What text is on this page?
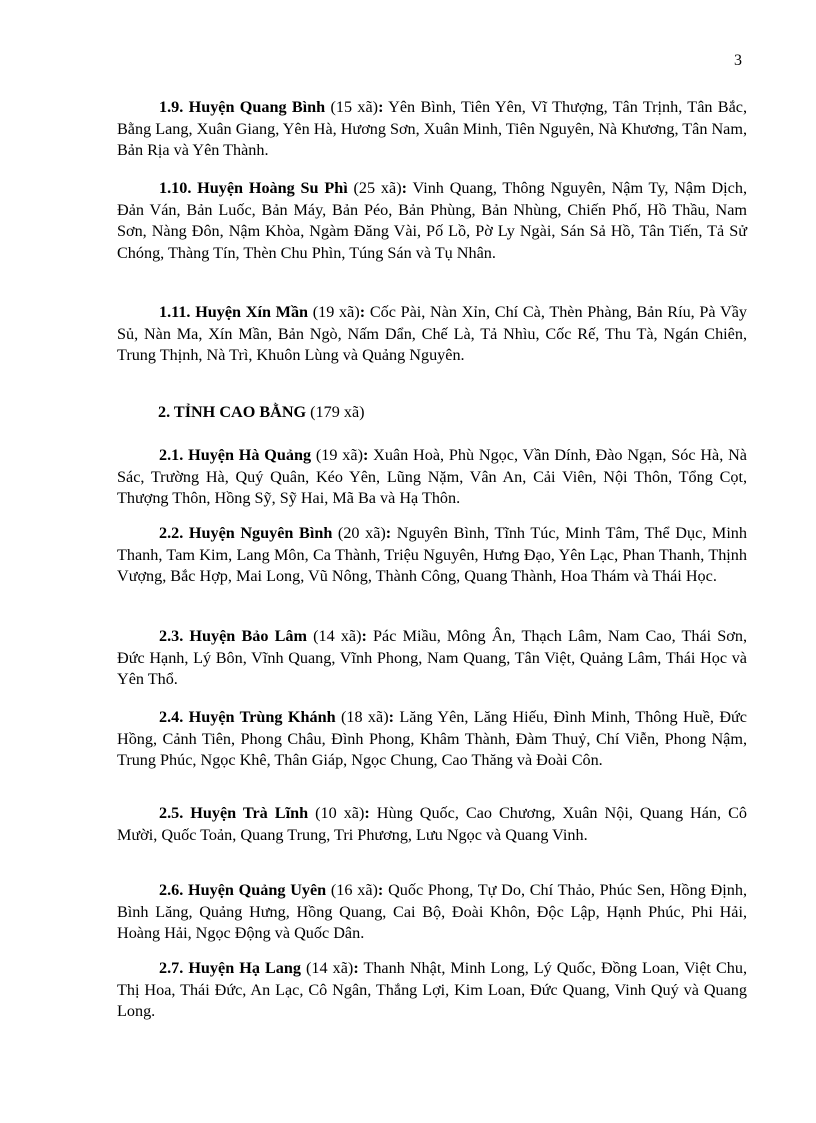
3

1.9. Huyện Quang Bình (15 xã): Yên Bình, Tiên Yên, Vĩ Thượng, Tân Trịnh, Tân Bắc, Bằng Lang, Xuân Giang, Yên Hà, Hương Sơn, Xuân Minh, Tiên Nguyên, Nà Khương, Tân Nam, Bản Rịa và Yên Thành.

1.10. Huyện Hoàng Su Phì (25 xã): Vinh Quang, Thông Nguyên, Nậm Ty, Nậm Dịch, Đản Ván, Bản Luốc, Bản Máy, Bản Péo, Bản Phùng, Bản Nhùng, Chiến Phố, Hồ Thầu, Nam Sơn, Nàng Đôn, Nậm Khòa, Ngàm Đăng Vài, Pố Lồ, Pờ Ly Ngài, Sán Sả Hồ, Tân Tiến, Tả Sử Chóng, Thàng Tín, Thèn Chu Phìn, Túng Sán và Tụ Nhân.

1.11. Huyện Xín Mần (19 xã): Cốc Pài, Nàn Xỉn, Chí Cà, Thèn Phàng, Bản Ríu, Pà Vầy Sủ, Nàn Ma, Xín Mần, Bản Ngò, Nấm Dẩn, Chế Là, Tả Nhìu, Cốc Rế, Thu Tà, Ngán Chiên, Trung Thịnh, Nà Trì, Khuôn Lùng và Quảng Nguyên.

2. TỈNH CAO BẰNG (179 xã)

2.1. Huyện Hà Quảng (19 xã): Xuân Hoà, Phù Ngọc, Vần Dính, Đào Ngạn, Sóc Hà, Nà Sác, Trường Hà, Quý Quân, Kéo Yên, Lũng Nặm, Vân An, Cải Viên, Nội Thôn, Tổng Cọt, Thượng Thôn, Hồng Sỹ, Sỹ Hai, Mã Ba và Hạ Thôn.

2.2. Huyện Nguyên Bình (20 xã): Nguyên Bình, Tĩnh Túc, Minh Tâm, Thể Dục, Minh Thanh, Tam Kim, Lang Môn, Ca Thành, Triệu Nguyên, Hưng Đạo, Yên Lạc, Phan Thanh, Thịnh Vượng, Bắc Hợp, Mai Long, Vũ Nông, Thành Công, Quang Thành, Hoa Thám và Thái Học.

2.3. Huyện Bảo Lâm (14 xã): Pác Miầu, Mông Ân, Thạch Lâm, Nam Cao, Thái Sơn, Đức Hạnh, Lý Bôn, Vĩnh Quang, Vĩnh Phong, Nam Quang, Tân Việt, Quảng Lâm, Thái Học và Yên Thổ.

2.4. Huyện Trùng Khánh (18 xã): Lăng Yên, Lăng Hiếu, Đình Minh, Thông Huề, Đức Hồng, Cảnh Tiên, Phong Châu, Đình Phong, Khâm Thành, Đàm Thuỷ, Chí Viễn, Phong Nậm, Trung Phúc, Ngọc Khê, Thân Giáp, Ngọc Chung, Cao Thăng và Đoài Côn.

2.5. Huyện Trà Lĩnh (10 xã): Hùng Quốc, Cao Chương, Xuân Nội, Quang Hán, Cô Mười, Quốc Toản, Quang Trung, Tri Phương, Lưu Ngọc và Quang Vinh.

2.6. Huyện Quảng Uyên (16 xã): Quốc Phong, Tự Do, Chí Thảo, Phúc Sen, Hồng Định, Bình Lăng, Quảng Hưng, Hồng Quang, Cai Bộ, Đoài Khôn, Độc Lập, Hạnh Phúc, Phi Hải, Hoàng Hải, Ngọc Động và Quốc Dân.

2.7. Huyện Hạ Lang (14 xã): Thanh Nhật, Minh Long, Lý Quốc, Đồng Loan, Việt Chu, Thị Hoa, Thái Đức, An Lạc, Cô Ngân, Thắng Lợi, Kim Loan, Đức Quang, Vinh Quý và Quang Long.
